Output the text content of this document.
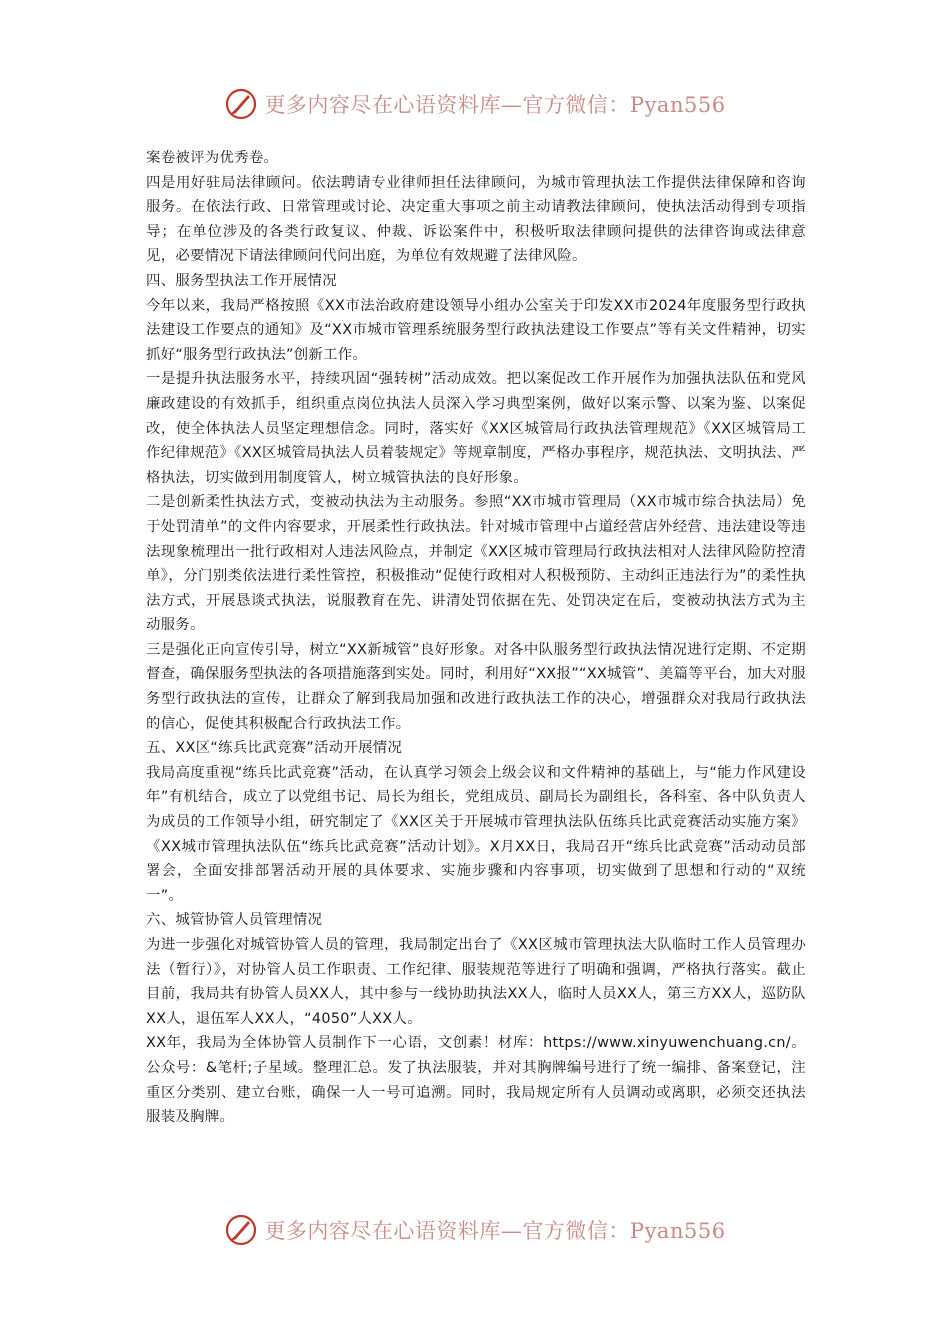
更多内容尽在心语资料库—官方微信：Pyan556

案卷被评为优秀卷。

四是用好驻局法律顾问。依法聘请专业律师担任法律顾问，为城市管理执法工作提供法律保障和咨询服务。在依法行政、日常管理或讨论、决定重大事项之前主动请教法律顾问，使执法活动得到专项指导；在单位涉及的各类行政复议、仲裁、诉讼案件中，积极听取法律顾问提供的法律咨询或法律意见，必要情况下请法律顾问代问出庭，为单位有效规避了法律风险。

四、服务型执法工作开展情况

今年以来，我局严格按照《XX市法治政府建设领导小组办公室关于印发XX市2024年度服务型行政执法建设工作要点的通知》及“XX市城市管理系统服务型行政执法建设工作要点”等有关文件精神，切实抓好“服务型行政执法”创新工作。

一是提升执法服务水平，持续巩固“强转树”活动成效。把以案促改工作开展作为加强执法队伍和党风廉政建设的有效抓手，组织重点岗位执法人员深入学习典型案例，做好以案示警、以案为鉴、以案促改，使全体执法人员坚定理想信念。同时，落实好《XX区城管局行政执法管理规范》《XX区城管局工作纪律规范》《XX区城管局执法人员着装规定》等规章制度，严格办事程序，规范执法、文明执法、严格执法，切实做到用制度管人，树立城管执法的良好形象。

二是创新柔性执法方式，变被动执法为主动服务。参照“XX市城市管理局（XX市城市综合执法局）免于处罚清单”的文件内容要求，开展柔性行政执法。针对城市管理中占道经营店外经营、违法建设等违法现象梳理出一批行政相对人违法风险点，并制定《XX区城市管理局行政执法相对人法律风险防控清单》，分门别类依法进行柔性管控，积极推动“促使行政相对人积极预防、主动纠正违法行为”的柔性执法方式，开展恳谈式执法，说服教育在先、讲清处罚依据在先、处罚决定在后，变被动执法方式为主动服务。

三是强化正向宣传引导，树立“XX新城管”良好形象。对各中队服务型行政执法情况进行定期、不定期督查，确保服务型执法的各项措施落到实处。同时，利用好“XX报”“XX城管”、美篇等平台，加大对服务型行政执法的宣传，让群众了解到我局加强和改进行政执法工作的决心，增强群众对我局行政执法的信心，促使其积极配合行政执法工作。

五、XX区“练兵比武竞赛”活动开展情况

我局高度重视“练兵比武竞赛”活动，在认真学习领会上级会议和文件精神的基础上，与“能力作风建设年”有机结合，成立了以党组书记、局长为组长，党组成员、副局长为副组长，各科室、各中队负责人为成员的工作领导小组，研究制定了《XX区关于开展城市管理执法队伍练兵比武竞赛活动实施方案》《XX城市管理执法队伍“练兵比武竞赛”活动计划》。X月XX日，我局召开“练兵比武竞赛”活动动员部署会，全面安排部署活动开展的具体要求、实施步骤和内容事项，切实做到了思想和行动的“双统一”。

六、城管协管人员管理情况

为进一步强化对城管协管人员的管理，我局制定出台了《XX区城市管理执法大队临时工作人员管理办法（暂行）》，对协管人员工作职责、工作纪律、服装规范等进行了明确和强调，严格执行落实。截止目前，我局共有协管人员XX人，其中参与一线协助执法XX人，临时人员XX人，第三方XX人，巡防队XX人，退伍军人XX人，“4050”人XX人。

XX年，我局为全体协管人员制作下一心语，文创素！材库：https://www.xinyuwenchuang.cn/。公众号：&笔杆;子星域。整理汇总。发了执法服装，并对其胸牌编号进行了统一编排、备案登记，注重区分类别、建立台账，确保一人一号可追溯。同时，我局规定所有人员调动或离职，必须交还执法服装及胸牌。

更多内容尽在心语资料库—官方微信：Pyan556
